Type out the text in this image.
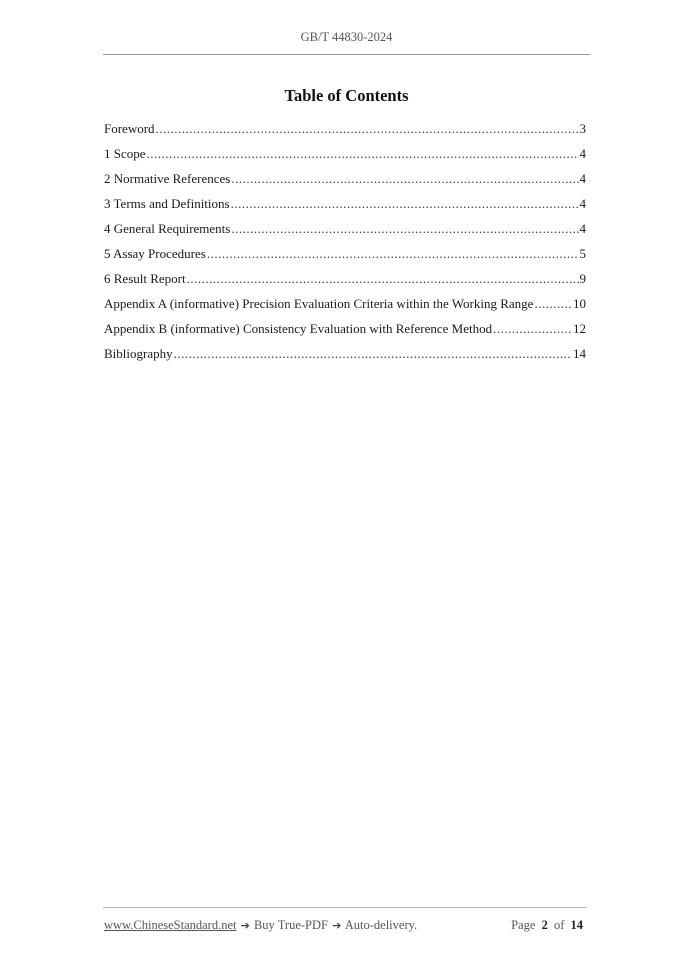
GB/T 44830-2024
Table of Contents
Foreword .....	3
1 Scope .....	4
2 Normative References .....	4
3 Terms and Definitions .....	4
4 General Requirements .....	4
5 Assay Procedures .....	5
6 Result Report .....	9
Appendix A (informative) Precision Evaluation Criteria within the Working Range .....	10
Appendix B (informative) Consistency Evaluation with Reference Method .....	12
Bibliography .....	14
www.ChineseStandard.net ➔ Buy True-PDF ➔ Auto-delivery.	Page 2 of 14
